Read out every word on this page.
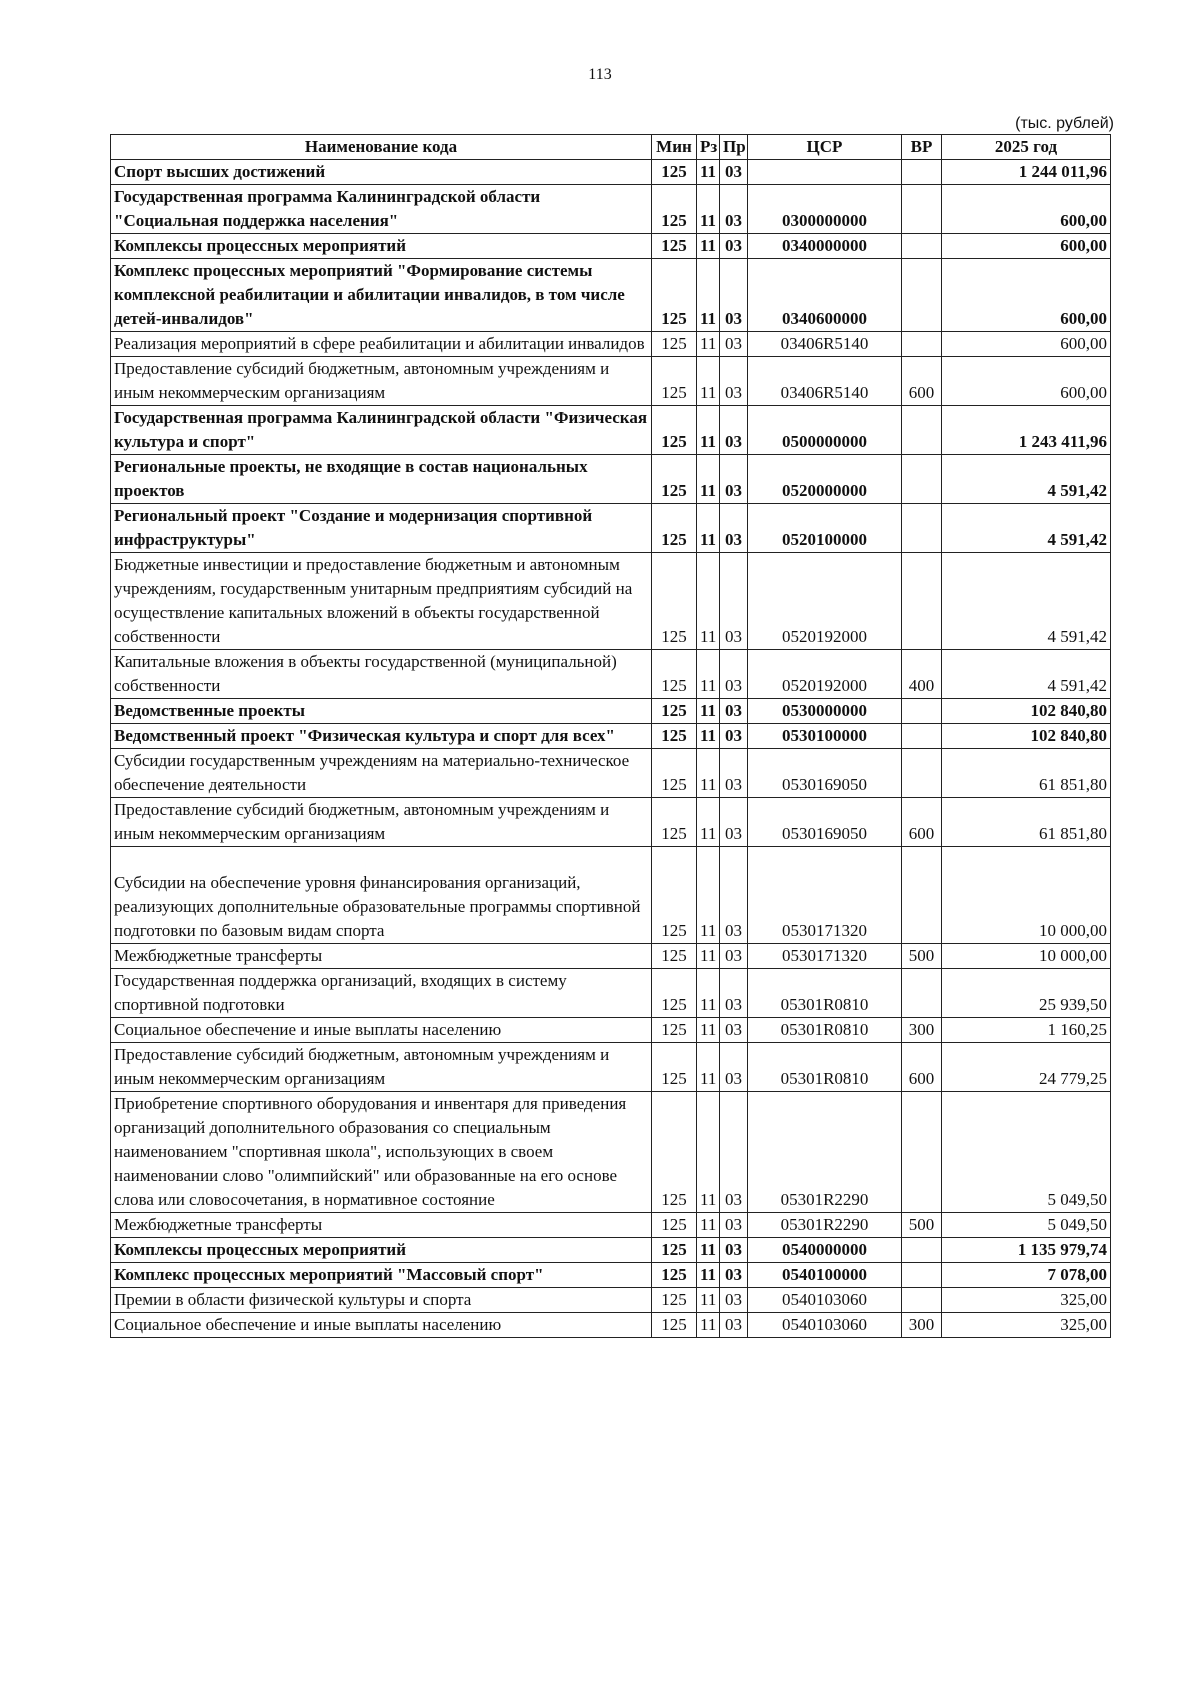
113
(тыс. рублей)
Наименование кода	Мин	Рз	Пр	ЦСР	ВР	2025 год
Спорт высших достижений	125	11	03			1 244 011,96
Государственная программа Калининградской области "Социальная поддержка населения"	125	11	03	0300000000		600,00
Комплексы процессных мероприятий	125	11	03	0340000000		600,00
Комплекс процессных мероприятий "Формирование системы комплексной реабилитации и абилитации инвалидов, в том числе детей-инвалидов"	125	11	03	0340600000		600,00
Реализация мероприятий в сфере реабилитации и абилитации инвалидов	125	11	03	03406R5140		600,00
Предоставление субсидий бюджетным, автономным учреждениям и иным некоммерческим организациям	125	11	03	03406R5140	600	600,00
Государственная программа Калининградской области "Физическая культура и спорт"	125	11	03	0500000000		1 243 411,96
Региональные проекты, не входящие в состав национальных проектов	125	11	03	0520000000		4 591,42
Региональный проект "Создание и модернизация спортивной инфраструктуры"	125	11	03	0520100000		4 591,42
Бюджетные инвестиции и предоставление бюджетным и автономным учреждениям, государственным унитарным предприятиям субсидий на осуществление капитальных вложений в объекты государственной собственности	125	11	03	0520192000		4 591,42
Капитальные вложения в объекты государственной (муниципальной) собственности	125	11	03	0520192000	400	4 591,42
Ведомственные проекты	125	11	03	0530000000		102 840,80
Ведомственный проект "Физическая культура и спорт для всех"	125	11	03	0530100000		102 840,80
Субсидии государственным учреждениям на материально-техническое обеспечение деятельности	125	11	03	0530169050		61 851,80
Предоставление субсидий бюджетным, автономным учреждениям и иным некоммерческим организациям	125	11	03	0530169050	600	61 851,80
Субсидии на обеспечение уровня финансирования организаций, реализующих дополнительные образовательные программы спортивной подготовки по базовым видам спорта	125	11	03	0530171320		10 000,00
Межбюджетные трансферты	125	11	03	0530171320	500	10 000,00
Государственная поддержка организаций, входящих в систему спортивной подготовки	125	11	03	05301R0810		25 939,50
Социальное обеспечение и иные выплаты населению	125	11	03	05301R0810	300	1 160,25
Предоставление субсидий бюджетным, автономным учреждениям и иным некоммерческим организациям	125	11	03	05301R0810	600	24 779,25
Приобретение спортивного оборудования и инвентаря для приведения организаций дополнительного образования со специальным наименованием "спортивная школа", использующих в своем наименовании слово "олимпийский" или образованные на его основе слова или словосочетания, в нормативное состояние	125	11	03	05301R2290		5 049,50
Межбюджетные трансферты	125	11	03	05301R2290	500	5 049,50
Комплексы процессных мероприятий	125	11	03	0540000000		1 135 979,74
Комплекс процессных мероприятий "Массовый спорт"	125	11	03	0540100000		7 078,00
Премии в области физической культуры и спорта	125	11	03	0540103060		325,00
Социальное обеспечение и иные выплаты населению	125	11	03	0540103060	300	325,00
